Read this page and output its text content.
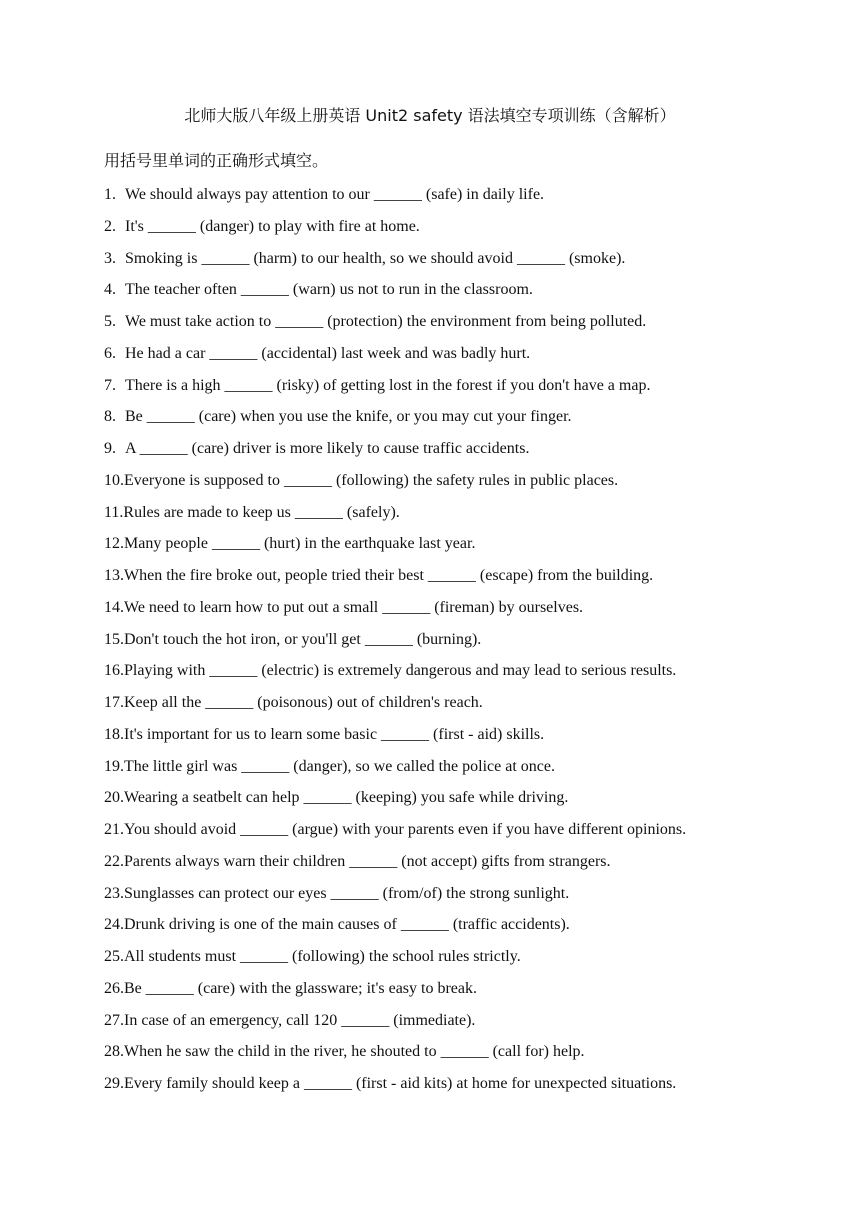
北师大版八年级上册英语 Unit2 safety 语法填空专项训练（含解析）
用括号里单词的正确形式填空。
1. We should always pay attention to our ______ (safe) in daily life.
2. It's ______ (danger) to play with fire at home.
3. Smoking is ______ (harm) to our health, so we should avoid ______ (smoke).
4. The teacher often ______ (warn) us not to run in the classroom.
5. We must take action to ______ (protection) the environment from being polluted.
6. He had a car ______ (accidental) last week and was badly hurt.
7. There is a high ______ (risky) of getting lost in the forest if you don't have a map.
8. Be ______ (care) when you use the knife, or you may cut your finger.
9. A ______ (care) driver is more likely to cause traffic accidents.
10. Everyone is supposed to ______ (following) the safety rules in public places.
11. Rules are made to keep us ______ (safely).
12. Many people ______ (hurt) in the earthquake last year.
13. When the fire broke out, people tried their best ______ (escape) from the building.
14. We need to learn how to put out a small ______ (fireman) by ourselves.
15. Don't touch the hot iron, or you'll get ______ (burning).
16. Playing with ______ (electric) is extremely dangerous and may lead to serious results.
17. Keep all the ______ (poisonous) out of children's reach.
18. It's important for us to learn some basic ______ (first - aid) skills.
19. The little girl was ______ (danger), so we called the police at once.
20. Wearing a seatbelt can help ______ (keeping) you safe while driving.
21. You should avoid ______ (argue) with your parents even if you have different opinions.
22. Parents always warn their children ______ (not accept) gifts from strangers.
23. Sunglasses can protect our eyes ______ (from/of) the strong sunlight.
24. Drunk driving is one of the main causes of ______ (traffic accidents).
25. All students must ______ (following) the school rules strictly.
26. Be ______ (care) with the glassware; it's easy to break.
27. In case of an emergency, call 120 ______ (immediate).
28. When he saw the child in the river, he shouted to ______ (call for) help.
29. Every family should keep a ______ (first - aid kits) at home for unexpected situations.
